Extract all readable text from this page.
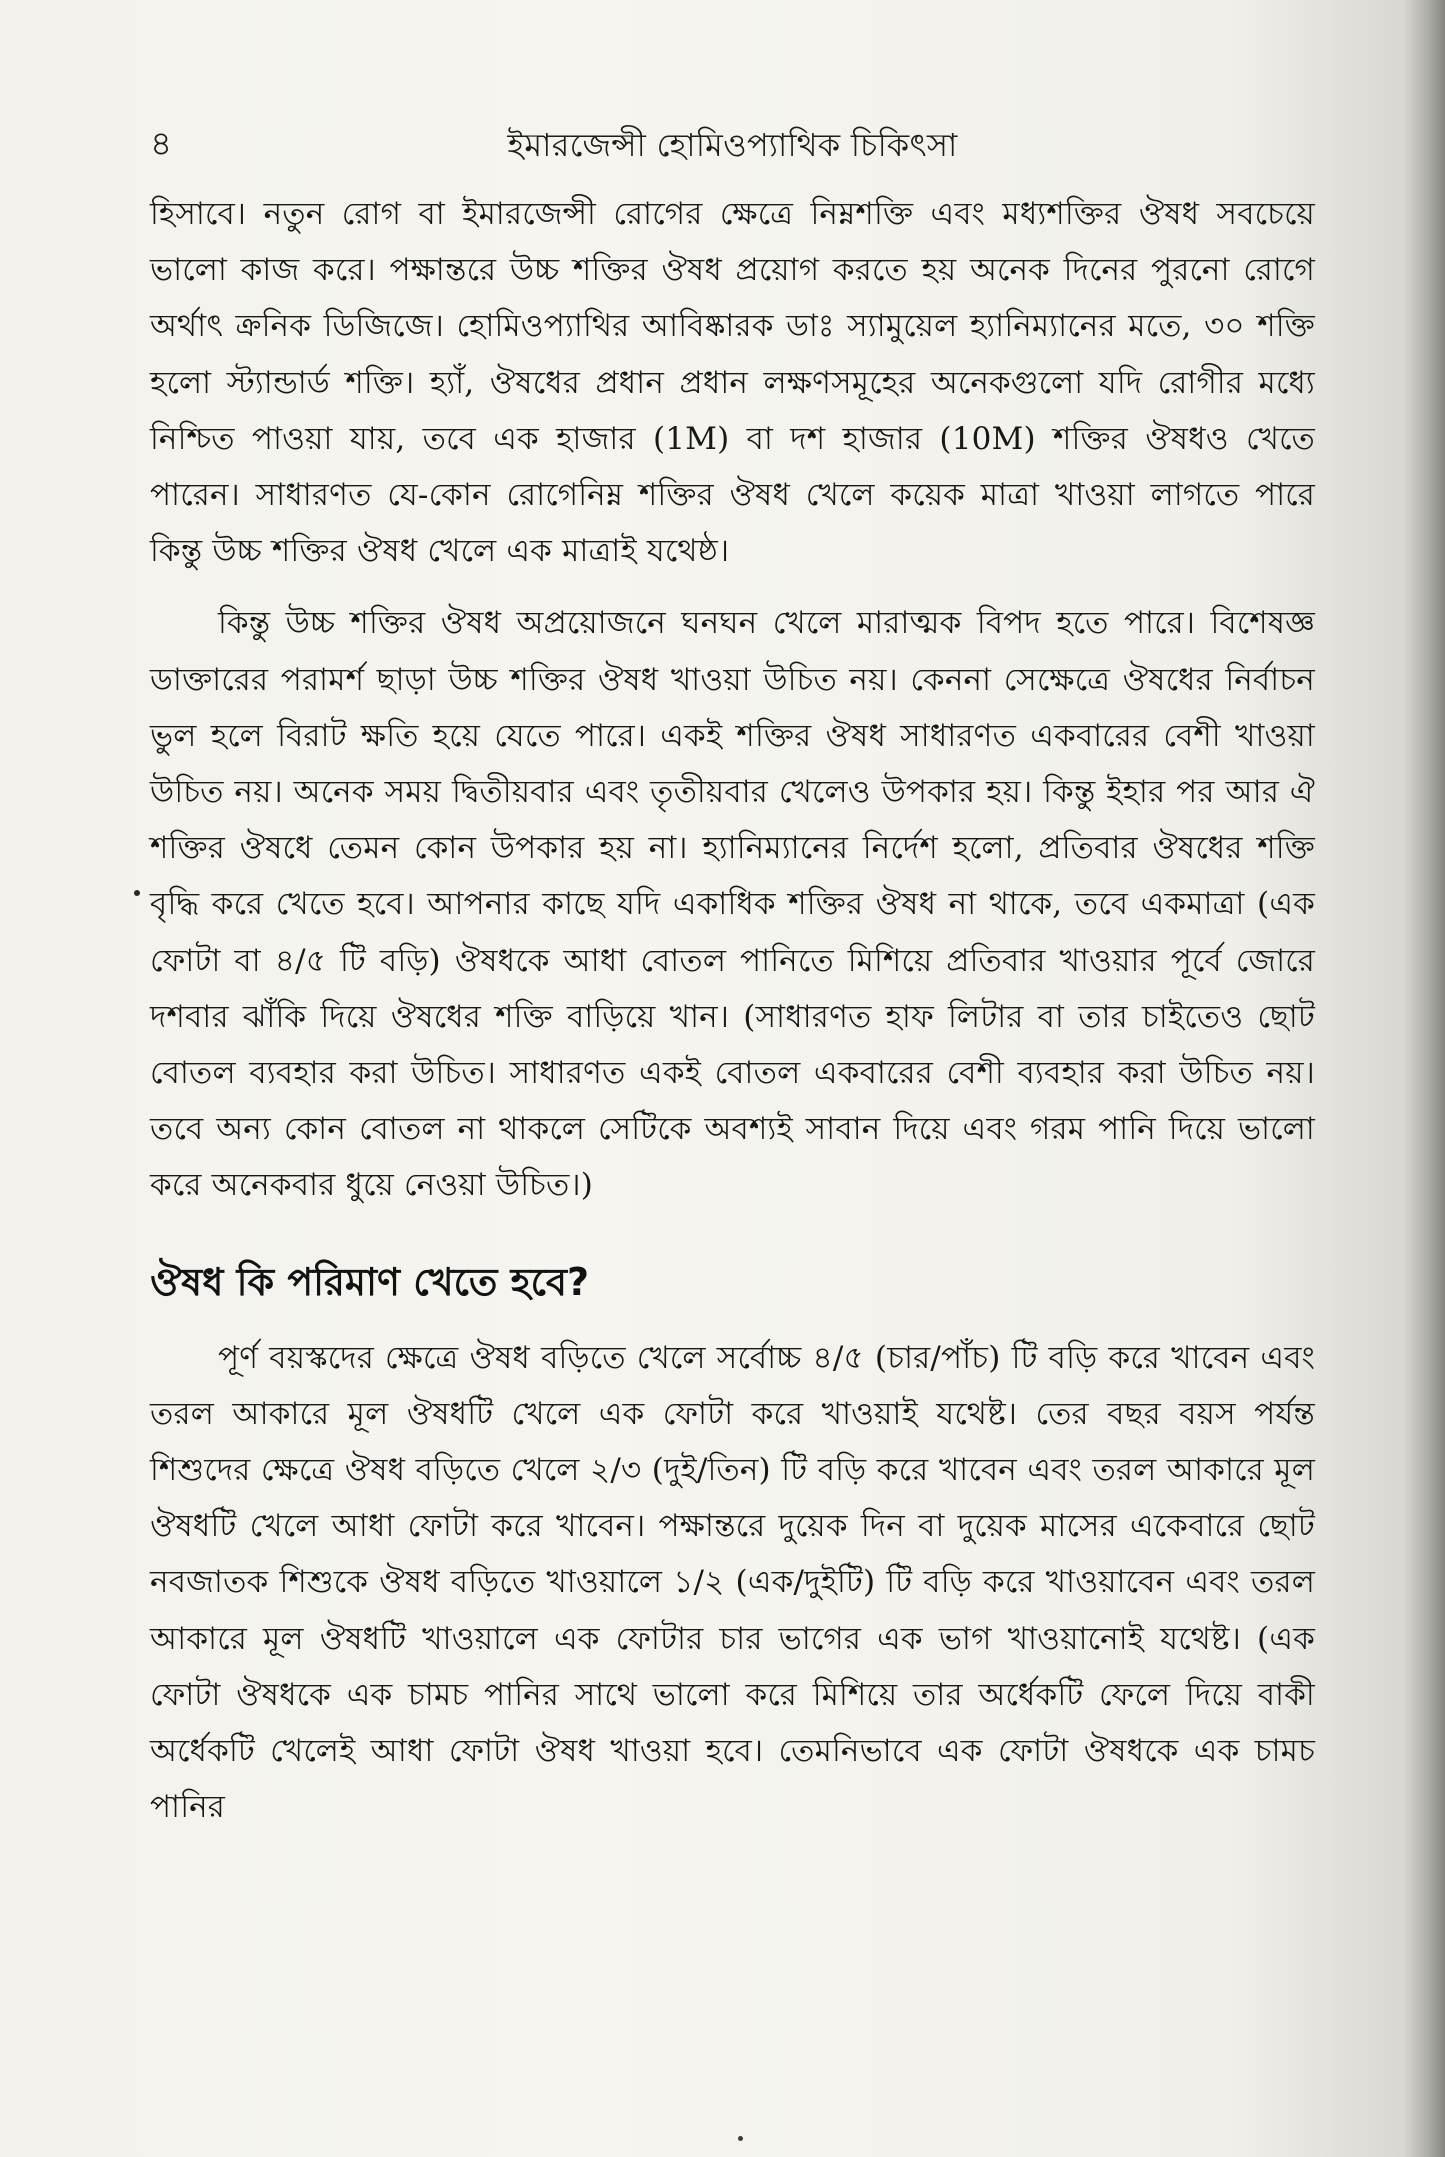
৪	ইমারজেন্সী হোমিওপ্যাথিক চিকিৎসা

হিসাবে। নতুন রোগ বা ইমারজেন্সী রোগের ক্ষেত্রে নিম্নশক্তি এবং মধ্যশক্তির ঔষধ সবচেয়ে ভালো কাজ করে। পক্ষান্তরে উচ্চ শক্তির ঔষধ প্রয়োগ করতে হয় অনেক দিনের পুরনো রোগে অর্থাৎ ক্রনিক ডিজিজে। হোমিওপ্যাথির আবিষ্কারক ডাঃ স্যামুয়েল হ্যানিম্যানের মতে, ৩০ শক্তি হলো স্ট্যান্ডার্ড শক্তি। হ্যাঁ, ঔষধের প্রধান প্রধান লক্ষণসমূহের অনেকগুলো যদি রোগীর মধ্যে নিশ্চিত পাওয়া যায়, তবে এক হাজার (1M) বা দশ হাজার (10M) শক্তির ঔষধও খেতে পারেন। সাধারণত যে-কোন রোগেনিম্ন শক্তির ঔষধ খেলে কয়েক মাত্রা খাওয়া লাগতে পারে কিন্তু উচ্চ শক্তির ঔষধ খেলে এক মাত্রাই যথেষ্ঠ।

কিন্তু উচ্চ শক্তির ঔষধ অপ্রয়োজনে ঘনঘন খেলে মারাত্মক বিপদ হতে পারে। বিশেষজ্ঞ ডাক্তারের পরামর্শ ছাড়া উচ্চ শক্তির ঔষধ খাওয়া উচিত নয়। কেননা সেক্ষেত্রে ঔষধের নির্বাচন ভুল হলে বিরাট ক্ষতি হয়ে যেতে পারে। একই শক্তির ঔষধ সাধারণত একবারের বেশী খাওয়া উচিত নয়। অনেক সময় দ্বিতীয়বার এবং তৃতীয়বার খেলেও উপকার হয়। কিন্তু ইহার পর আর ঐ শক্তির ঔষধে তেমন কোন উপকার হয় না। হ্যানিম্যানের নির্দেশ হলো, প্রতিবার ঔষধের শক্তি বৃদ্ধি করে খেতে হবে। আপনার কাছে যদি একাধিক শক্তির ঔষধ না থাকে, তবে একমাত্রা (এক ফোটা বা ৪/৫ টি বড়ি) ঔষধকে আধা বোতল পানিতে মিশিয়ে প্রতিবার খাওয়ার পূর্বে জোরে দশবার ঝাঁকি দিয়ে ঔষধের শক্তি বাড়িয়ে খান। (সাধারণত হাফ লিটার বা তার চাইতেও ছোট বোতল ব্যবহার করা উচিত। সাধারণত একই বোতল একবারের বেশী ব্যবহার করা উচিত নয়। তবে অন্য কোন বোতল না থাকলে সেটিকে অবশ্যই সাবান দিয়ে এবং গরম পানি দিয়ে ভালো করে অনেকবার ধুয়ে নেওয়া উচিত।)

ঔষধ কি পরিমাণ খেতে হবে?

পূর্ণ বয়স্কদের ক্ষেত্রে ঔষধ বড়িতে খেলে সর্বোচ্চ ৪/৫ (চার/পাঁচ) টি বড়ি করে খাবেন এবং তরল আকারে মূল ঔষধটি খেলে এক ফোটা করে খাওয়াই যথেষ্ট। তের বছর বয়স পর্যন্ত শিশুদের ক্ষেত্রে ঔষধ বড়িতে খেলে ২/৩ (দুই/তিন) টি বড়ি করে খাবেন এবং তরল আকারে মূল ঔষধটি খেলে আধা ফোটা করে খাবেন। পক্ষান্তরে দুয়েক দিন বা দুয়েক মাসের একেবারে ছোট নবজাতক শিশুকে ঔষধ বড়িতে খাওয়ালে ১/২ (এক/দুইটি) টি বড়ি করে খাওয়াবেন এবং তরল আকারে মূল ঔষধটি খাওয়ালে এক ফোটার চার ভাগের এক ভাগ খাওয়ানোই যথেষ্ট। (এক ফোটা ঔষধকে এক চামচ পানির সাথে ভালো করে মিশিয়ে তার অর্ধেকটি ফেলে দিয়ে বাকী অর্ধেকটি খেলেই আধা ফোটা ঔষধ খাওয়া হবে। তেমনিভাবে এক ফোটা ঔষধকে এক চামচ পানির
